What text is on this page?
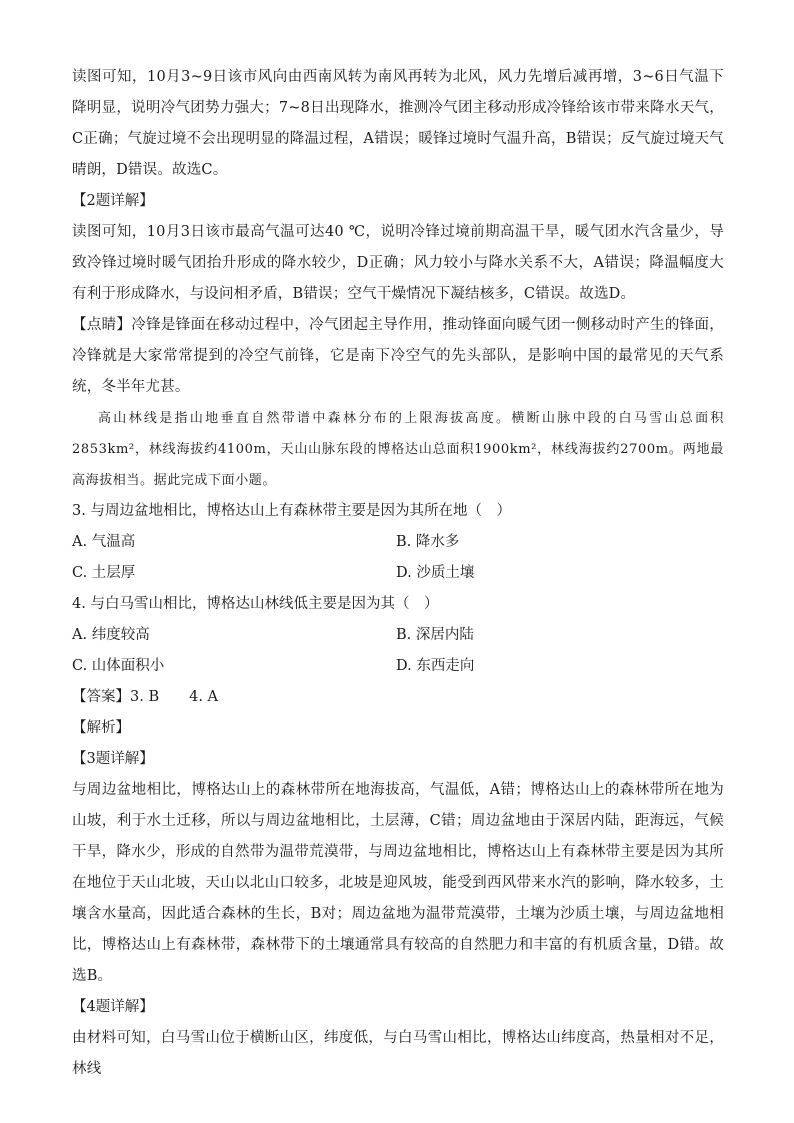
读图可知，10月3~9日该市风向由西南风转为南风再转为北风，风力先增后减再增，3~6日气温下降明显，说明冷气团势力强大；7~8日出现降水，推测冷气团主移动形成冷锋给该市带来降水天气，C正确；气旋过境不会出现明显的降温过程，A错误；暖锋过境时气温升高，B错误；反气旋过境天气晴朗，D错误。故选C。

【2题详解】

读图可知，10月3日该市最高气温可达40 ℃，说明冷锋过境前期高温干旱，暖气团水汽含量少，导致冷锋过境时暖气团抬升形成的降水较少，D正确；风力较小与降水关系不大，A错误；降温幅度大有利于形成降水，与设问相矛盾，B错误；空气干燥情况下凝结核多，C错误。故选D。

【点睛】冷锋是锋面在移动过程中，冷气团起主导作用，推动锋面向暖气团一侧移动时产生的锋面，冷锋就是大家常常提到的冷空气前锋，它是南下冷空气的先头部队，是影响中国的最常见的天气系统，冬半年尤甚。

高山林线是指山地垂直自然带谱中森林分布的上限海拔高度。横断山脉中段的白马雪山总面积2853km²，林线海拔约4100m，天山山脉东段的博格达山总面积1900km²，林线海拔约2700m。两地最高海拔相当。据此完成下面小题。

3. 与周边盆地相比，博格达山上有森林带主要是因为其所在地（　）

A. 气温高	B. 降水多
C. 土层厚	D. 沙质土壤

4. 与白马雪山相比，博格达山林线低主要是因为其（　）

A. 纬度较高	B. 深居内陆
C. 山体面积小	D. 东西走向

【答案】3. B 4. A

【解析】

【3题详解】

与周边盆地相比，博格达山上的森林带所在地海拔高，气温低，A错；博格达山上的森林带所在地为山坡，利于水土迁移，所以与周边盆地相比，土层薄，C错；周边盆地由于深居内陆，距海远，气候干旱，降水少，形成的自然带为温带荒漠带，与周边盆地相比，博格达山上有森林带主要是因为其所在地位于天山北坡，天山以北山口较多，北坡是迎风坡，能受到西风带来水汽的影响，降水较多，土壤含水量高，因此适合森林的生长，B对；周边盆地为温带荒漠带，土壤为沙质土壤，与周边盆地相比，博格达山上有森林带，森林带下的土壤通常具有较高的自然肥力和丰富的有机质含量，D错。故选B。

【4题详解】

由材料可知，白马雪山位于横断山区，纬度低，与白马雪山相比，博格达山纬度高，热量相对不足，林线
